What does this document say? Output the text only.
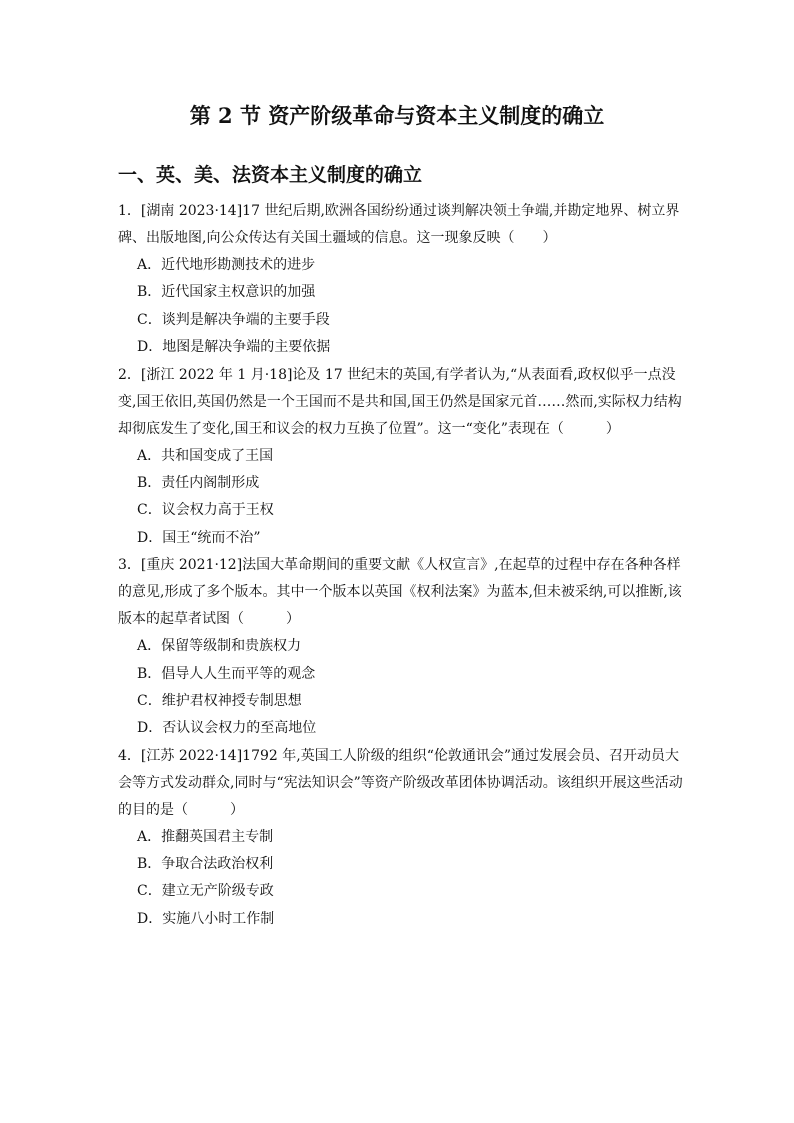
第 2 节 资产阶级革命与资本主义制度的确立
一、英、美、法资本主义制度的确立

1．[湖南 2023·14]17 世纪后期,欧洲各国纷纷通过谈判解决领土争端,并勘定地界、树立界碑、出版地图,向公众传达有关国土疆域的信息。这一现象反映（　　）

A．近代地形勘测技术的进步
B．近代国家主权意识的加强
C．谈判是解决争端的主要手段
D．地图是解决争端的主要依据

2．[浙江 2022 年 1 月·18]论及 17 世纪末的英国,有学者认为,“从表面看,政权似乎一点没变,国王依旧,英国仍然是一个王国而不是共和国,国王仍然是国家元首……然而,实际权力结构却彻底发生了变化,国王和议会的权力互换了位置”。这一“变化”表现在（　　　）

A．共和国变成了王国
B．责任内阁制形成
C．议会权力高于王权
D．国王“统而不治”

3．[重庆 2021·12]法国大革命期间的重要文献《人权宣言》,在起草的过程中存在各种各样的意见,形成了多个版本。其中一个版本以英国《权利法案》为蓝本,但未被采纳,可以推断,该版本的起草者试图（　　　）

A．保留等级制和贵族权力
B．倡导人人生而平等的观念
C．维护君权神授专制思想
D．否认议会权力的至高地位

4．[江苏 2022·14]1792 年,英国工人阶级的组织“伦敦通讯会”通过发展会员、召开动员大会等方式发动群众,同时与“宪法知识会”等资产阶级改革团体协调活动。该组织开展这些活动的目的是（　　　）

A．推翻英国君主专制
B．争取合法政治权利
C．建立无产阶级专政
D．实施八小时工作制
